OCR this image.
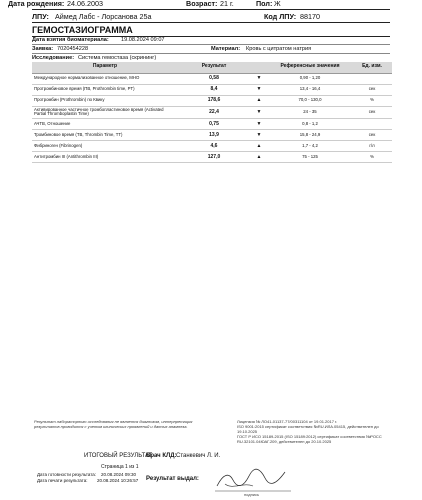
Дата рождения: 24.06.2003	Возраст: 21 г.	Пол: Ж
ЛПУ: Аймед Лабс - Лорсанова 25а	Код ЛПУ: 88170
ГЕМОСТАЗИОГРАММА
Дата взятия биоматериала: 19.08.2024 09:07
Заявка: 7020454228	Материал: Кровь с цитратом натрия
Исследование: Система гемостаза (скрининг)
Параметр	Результат		Референсные значения	Ед. изм.
Международное нормализованное отношение, МНО	0,58	▼	0,90 - 1,20	
Протромбиновое время (ПВ, Prothrombin time, PT)	8,4	▼	13,4 - 16,4	сек
Протромбин (Prothrombin) по Квику	178,6	▲	70,0 - 130,0	%
Активированное частичное тромбопластиновое время (Activated Partial Thromboplastin Time)	22,4	▼	24 - 35	сек
АЧТВ, Отношение	0,75	▼	0,8 - 1,2	
Тромбиновое время (ТВ, Thrombin Time, TT)	13,9	▼	15,8 - 24,9	сек
Фибриноген (Fibrinogen)	4,6	▲	1,7 - 4,2	г/л
Антитромбин III (Antithrombin III)	127,0	▲	75 - 125	%
Результат лабораторного исследования не является диагнозом, интерпретация результатов проводится с учетом клинических проявлений и данных анамнеза.
Лицензия № ЛО41-01137-77/00311104 от 19.01.2017 г.
ISO 9001:2015 сертификат соответствия №RU.ИЛА.05415, действителен до 19.10.2025
ГОСТ Р ИСО 15189-2015 (ISO 15189:2012) сертификат соответствия №РОСС
RU.32101.04ЮАГ.209, действителен до 20.10.2025
ИТОГОВЫЙ РЕЗУЛЬТАТ
Врач КЛД: Станкевич Л. И.
Страница 1 из 1
Дата готовности результата: 20.08.2024 09:30
Дата печати результата: 20.08.2024 10:26:57 Результат выдал:
подпись
